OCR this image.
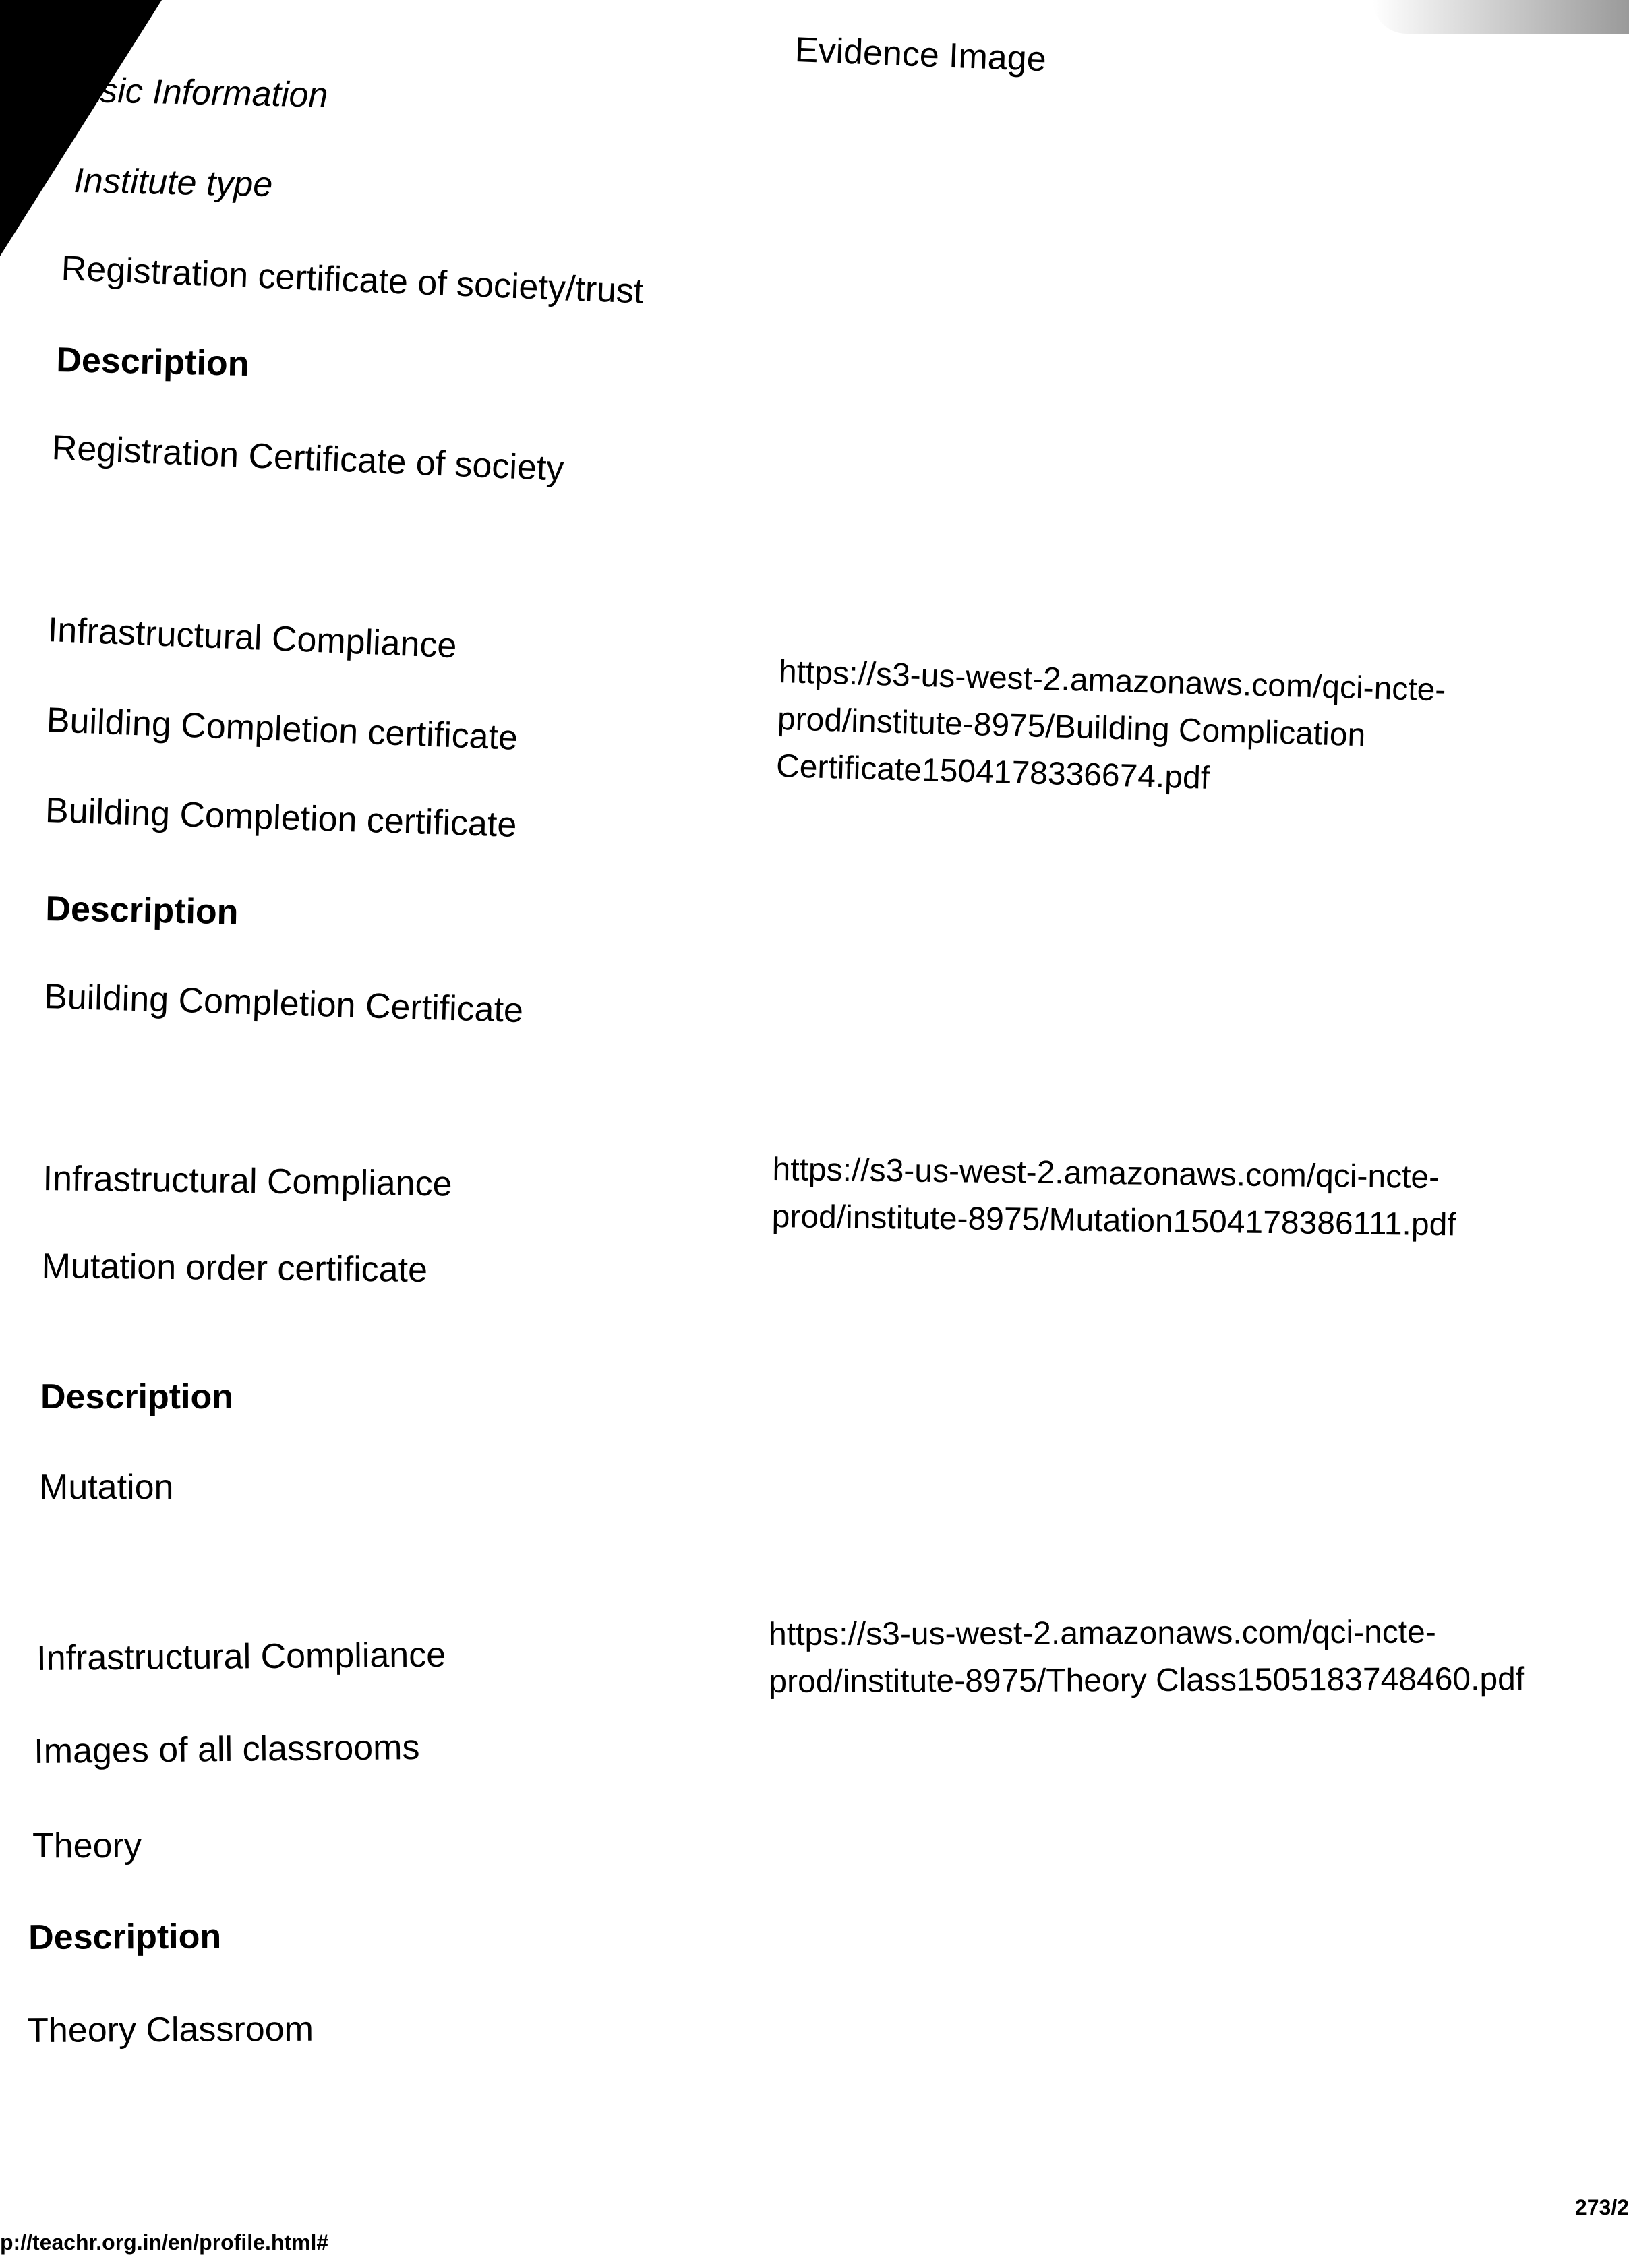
Evidence Image
asic Information
Institute type
Registration certificate of society/trust
Description
Registration Certificate of society
Infrastructural Compliance
Building Completion certificate
Building Completion certificate
Description
Building Completion Certificate
https://s3-us-west-2.amazonaws.com/qci-ncte-
prod/institute-8975/Building Complication
Certificate1504178336674.pdf
Infrastructural Compliance
Mutation order certificate
Description
Mutation
https://s3-us-west-2.amazonaws.com/qci-ncte-
prod/institute-8975/Mutation1504178386111.pdf
Infrastructural Compliance
Images of all classrooms
Theory
Description
Theory Classroom
https://s3-us-west-2.amazonaws.com/qci-ncte-
prod/institute-8975/Theory Class1505183748460.pdf
p://teachr.org.in/en/profile.html#
273/2
